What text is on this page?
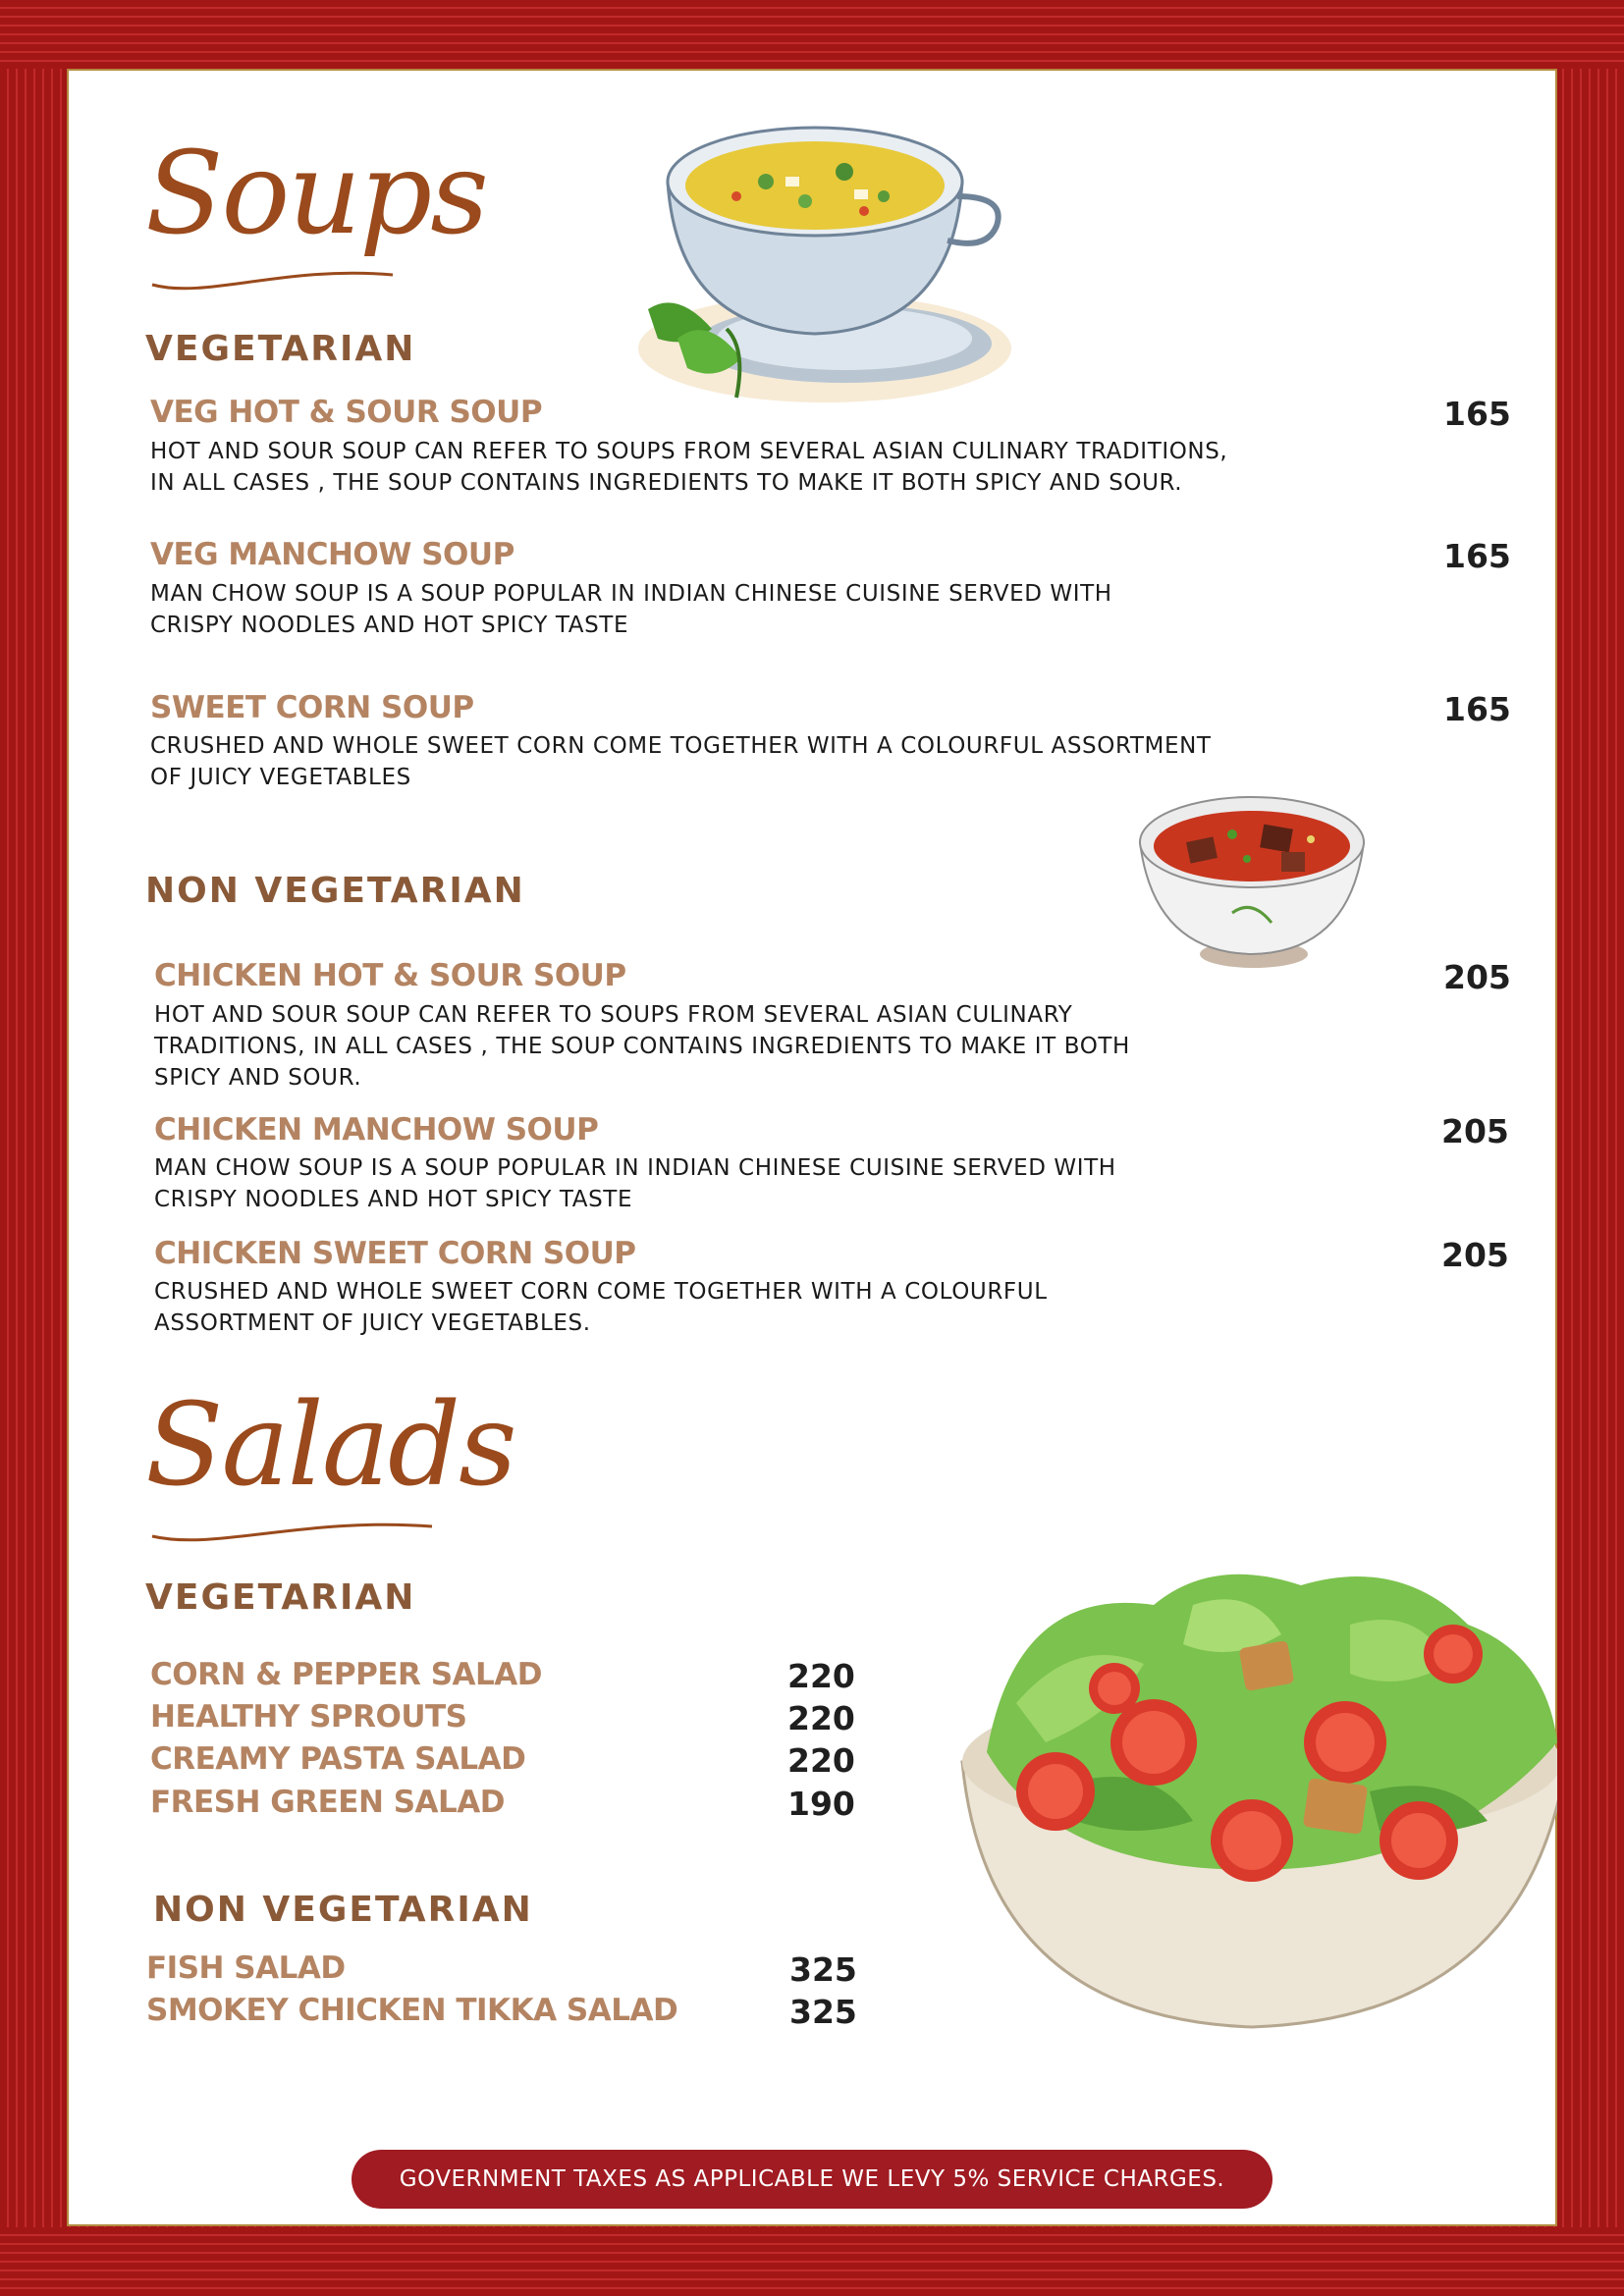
Soups
VEGETARIAN
VEG HOT & SOUR SOUP	165
HOT AND SOUR SOUP CAN REFER TO SOUPS FROM SEVERAL ASIAN CULINARY TRADITIONS,
IN ALL CASES , THE SOUP CONTAINS INGREDIENTS TO MAKE IT BOTH SPICY AND SOUR.
VEG MANCHOW SOUP	165
MAN CHOW SOUP IS A SOUP POPULAR IN INDIAN CHINESE CUISINE SERVED WITH
CRISPY NOODLES AND HOT SPICY TASTE
SWEET CORN SOUP	165
CRUSHED AND WHOLE SWEET CORN COME TOGETHER WITH A COLOURFUL ASSORTMENT
OF JUICY VEGETABLES
NON VEGETARIAN
CHICKEN HOT & SOUR SOUP	205
HOT AND SOUR SOUP CAN REFER TO SOUPS FROM SEVERAL ASIAN CULINARY
TRADITIONS, IN ALL CASES , THE SOUP CONTAINS INGREDIENTS TO MAKE IT BOTH
SPICY AND SOUR.
CHICKEN MANCHOW SOUP	205
MAN CHOW SOUP IS A SOUP POPULAR IN INDIAN CHINESE CUISINE SERVED WITH
CRISPY NOODLES AND HOT SPICY TASTE
CHICKEN SWEET CORN SOUP	205
CRUSHED AND WHOLE SWEET CORN COME TOGETHER WITH A COLOURFUL
ASSORTMENT OF JUICY VEGETABLES.
Salads
VEGETARIAN
CORN & PEPPER SALAD	220
HEALTHY SPROUTS	220
CREAMY PASTA SALAD	220
FRESH GREEN SALAD	190
NON VEGETARIAN
FISH SALAD	325
SMOKEY CHICKEN TIKKA SALAD	325
GOVERNMENT TAXES AS APPLICABLE WE LEVY 5% SERVICE CHARGES.
